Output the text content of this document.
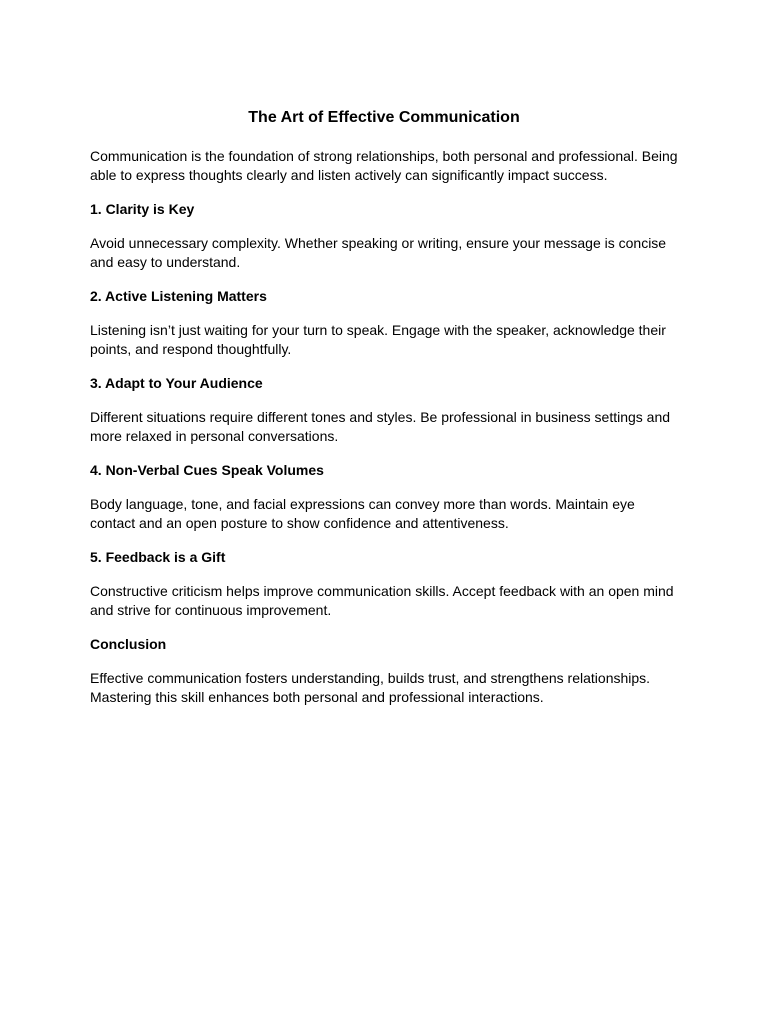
The Art of Effective Communication

Communication is the foundation of strong relationships, both personal and professional. Being able to express thoughts clearly and listen actively can significantly impact success.

1. Clarity is Key

Avoid unnecessary complexity. Whether speaking or writing, ensure your message is concise and easy to understand.

2. Active Listening Matters

Listening isn’t just waiting for your turn to speak. Engage with the speaker, acknowledge their points, and respond thoughtfully.

3. Adapt to Your Audience

Different situations require different tones and styles. Be professional in business settings and more relaxed in personal conversations.

4. Non-Verbal Cues Speak Volumes

Body language, tone, and facial expressions can convey more than words. Maintain eye contact and an open posture to show confidence and attentiveness.

5. Feedback is a Gift

Constructive criticism helps improve communication skills. Accept feedback with an open mind and strive for continuous improvement.

Conclusion

Effective communication fosters understanding, builds trust, and strengthens relationships. Mastering this skill enhances both personal and professional interactions.
